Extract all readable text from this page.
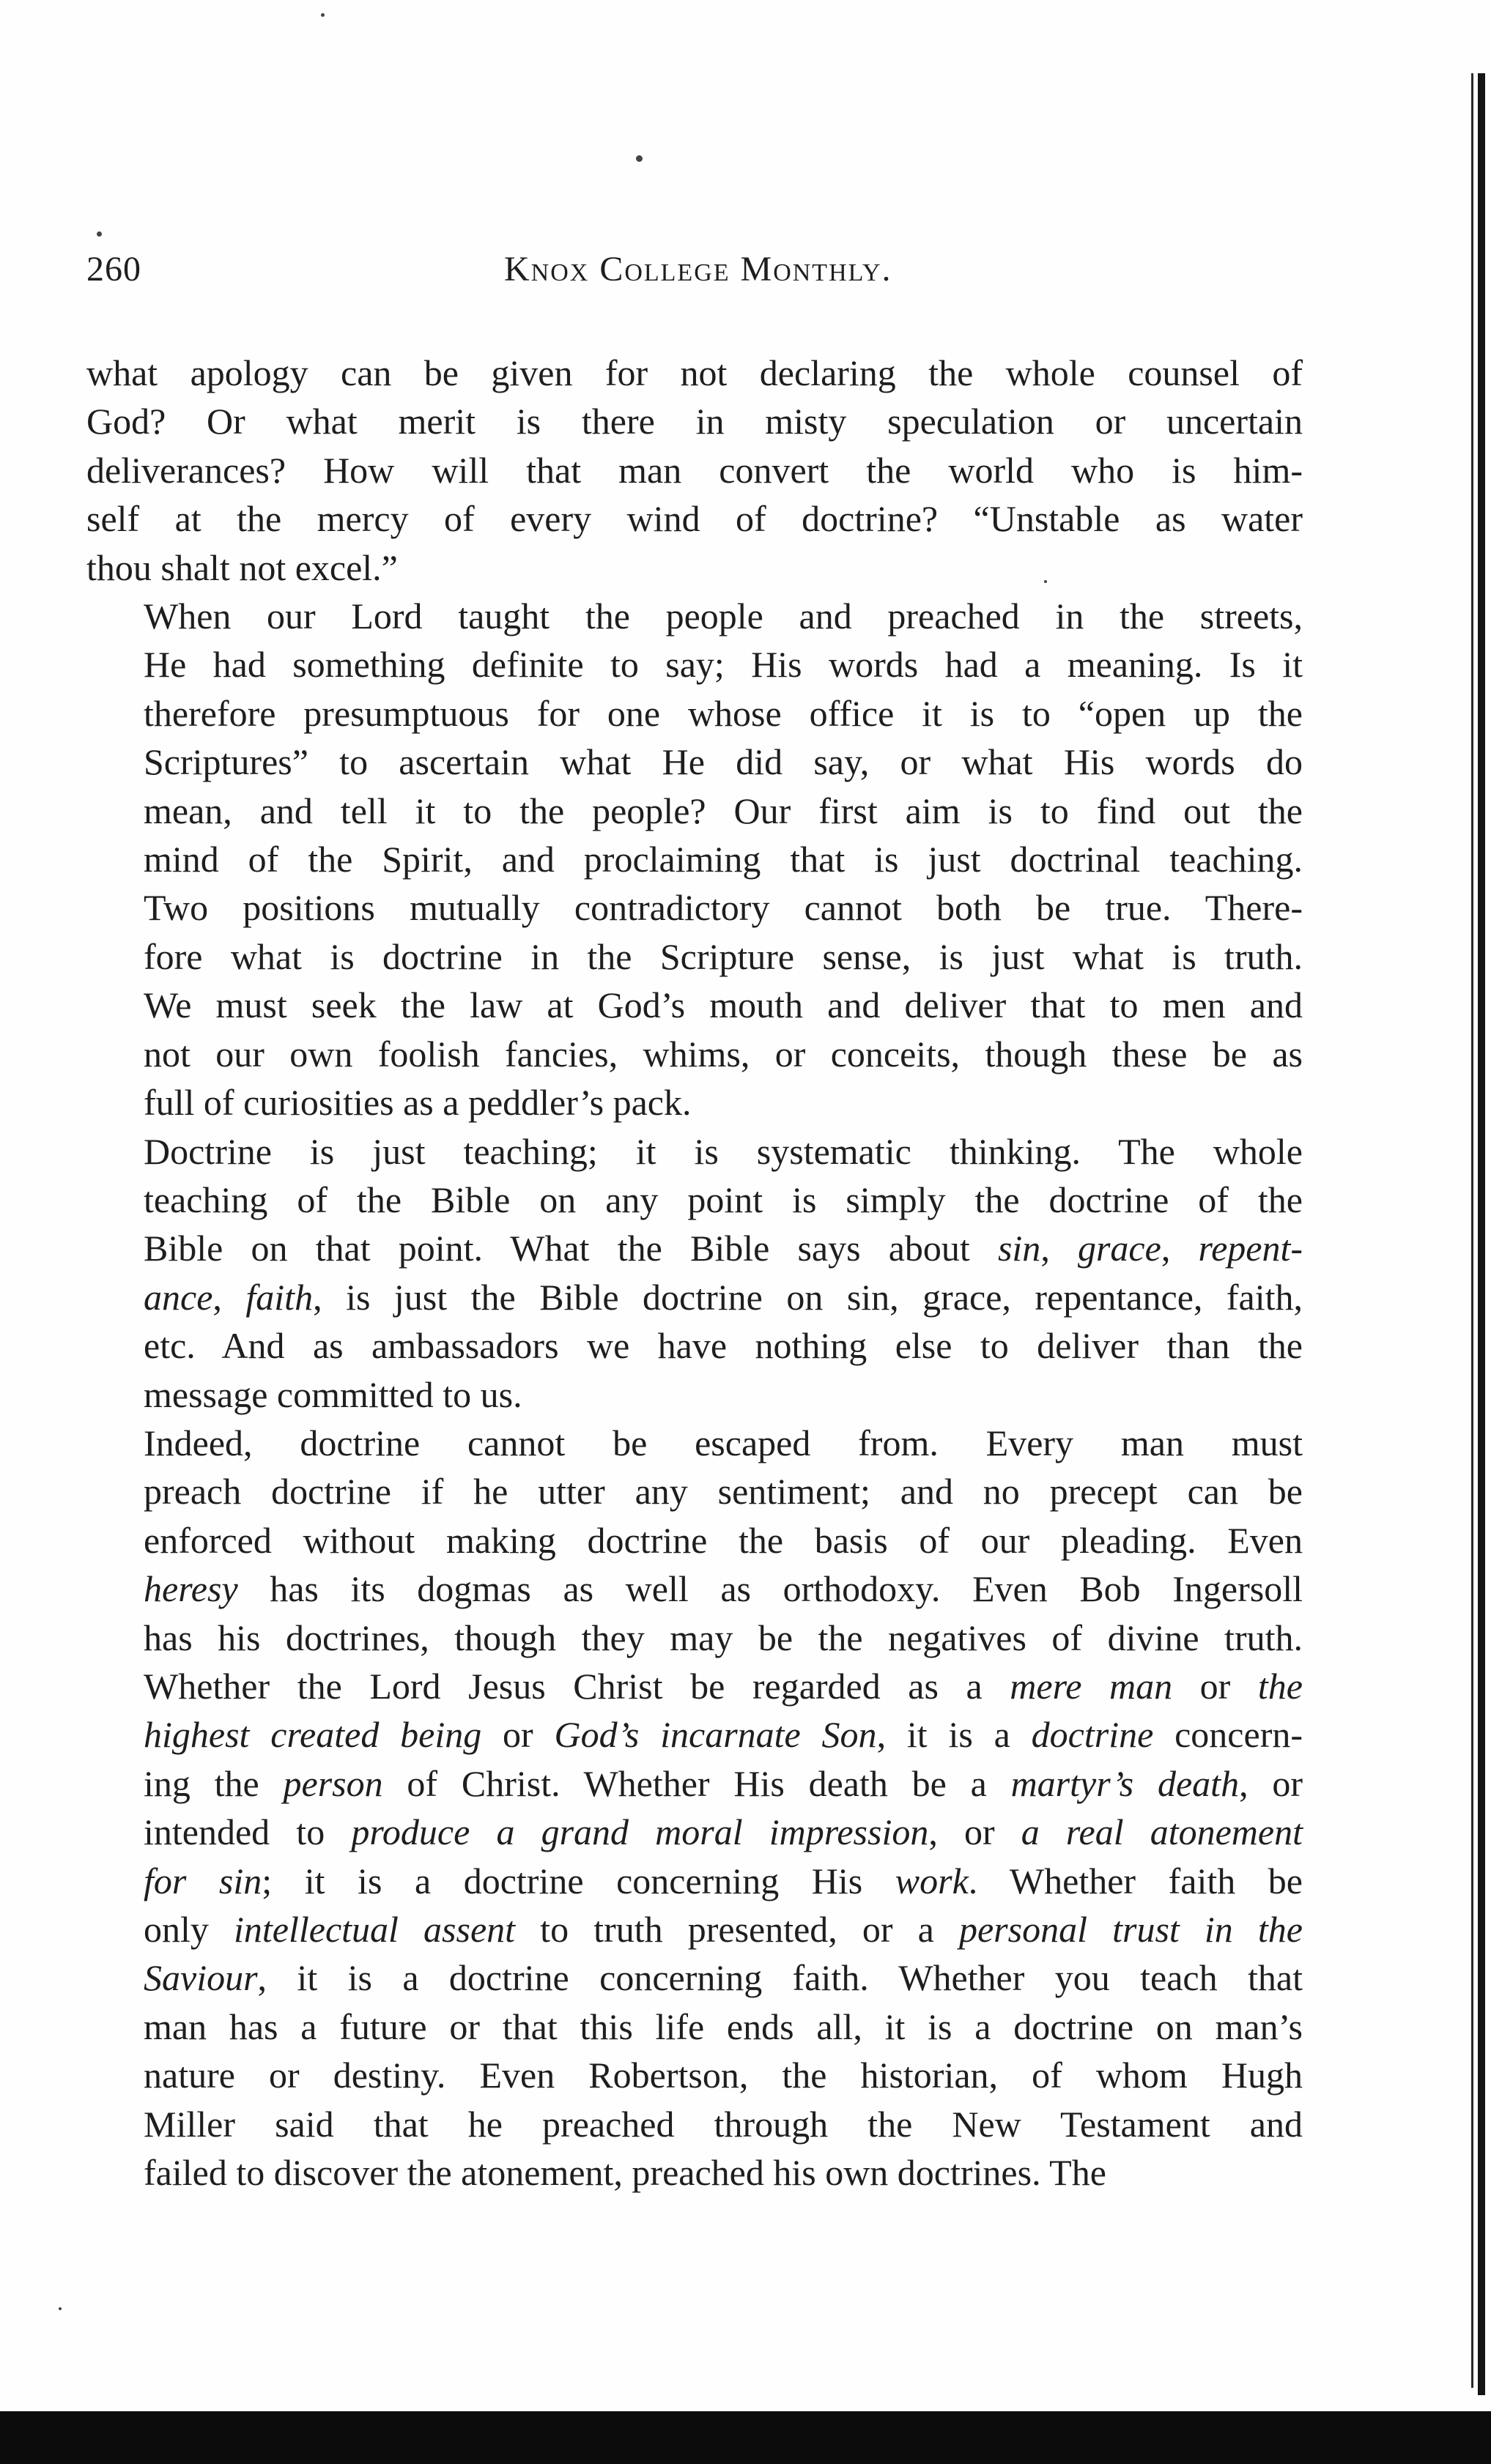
260	Knox College Monthly.

what apology can be given for not declaring the whole counsel of
God? Or what merit is there in misty speculation or uncertain
deliverances? How will that man convert the world who is him-
self at the mercy of every wind of doctrine? “Unstable as water
thou shalt not excel.”

When our Lord taught the people and preached in the streets,
He had something definite to say; His words had a meaning. Is it
therefore presumptuous for one whose office it is to “open up the
Scriptures” to ascertain what He did say, or what His words do
mean, and tell it to the people? Our first aim is to find out the
mind of the Spirit, and proclaiming that is just doctrinal teaching.
Two positions mutually contradictory cannot both be true. There-
fore what is doctrine in the Scripture sense, is just what is truth.
We must seek the law at God’s mouth and deliver that to men and
not our own foolish fancies, whims, or conceits, though these be as
full of curiosities as a peddler’s pack.

Doctrine is just teaching; it is systematic thinking. The whole
teaching of the Bible on any point is simply the doctrine of the
Bible on that point. What the Bible says about sin, grace, repent-
ance, faith, is just the Bible doctrine on sin, grace, repentance, faith,
etc. And as ambassadors we have nothing else to deliver than the
message committed to us.

Indeed, doctrine cannot be escaped from. Every man must
preach doctrine if he utter any sentiment; and no precept can be
enforced without making doctrine the basis of our pleading. Even
heresy has its dogmas as well as orthodoxy. Even Bob Ingersoll
has his doctrines, though they may be the negatives of divine truth.
Whether the Lord Jesus Christ be regarded as a mere man or the
highest created being or God’s incarnate Son, it is a doctrine concern-
ing the person of Christ. Whether His death be a martyr’s death, or
intended to produce a grand moral impression, or a real atonement
for sin; it is a doctrine concerning His work. Whether faith be
only intellectual assent to truth presented, or a personal trust in the
Saviour, it is a doctrine concerning faith. Whether you teach that
man has a future or that this life ends all, it is a doctrine on man’s
nature or destiny. Even Robertson, the historian, of whom Hugh
Miller said that he preached through the New Testament and
failed to discover the atonement, preached his own doctrines. The
